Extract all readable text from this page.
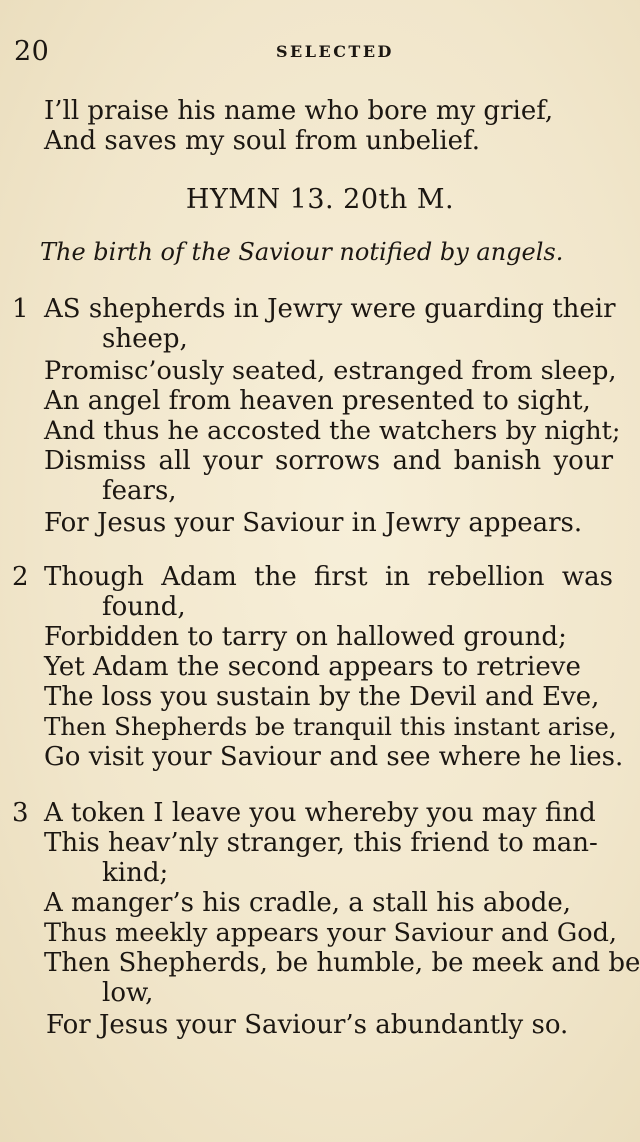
20	SELECTED
I’ll praise his name who bore my grief,
And saves my soul from unbelief.
HYMN 13. 20th M.
The birth of the Saviour notified by angels.
1 AS shepherds in Jewry were guarding their
sheep,
Promisc’ously seated, estranged from sleep,
An angel from heaven presented to sight,
And thus he accosted the watchers by night;
Dismiss all your sorrows and banish your
fears,
For Jesus your Saviour in Jewry appears.
2 Though Adam the first in rebellion was
found,
Forbidden to tarry on hallowed ground;
Yet Adam the second appears to retrieve
The loss you sustain by the Devil and Eve,
Then Shepherds be tranquil this instant arise,
Go visit your Saviour and see where he lies.
3 A token I leave you whereby you may find
This heav’nly stranger, this friend to man-
kind;
A manger’s his cradle, a stall his abode,
Thus meekly appears your Saviour and God,
Then Shepherds, be humble, be meek and be
low,
For Jesus your Saviour’s abundantly so.
